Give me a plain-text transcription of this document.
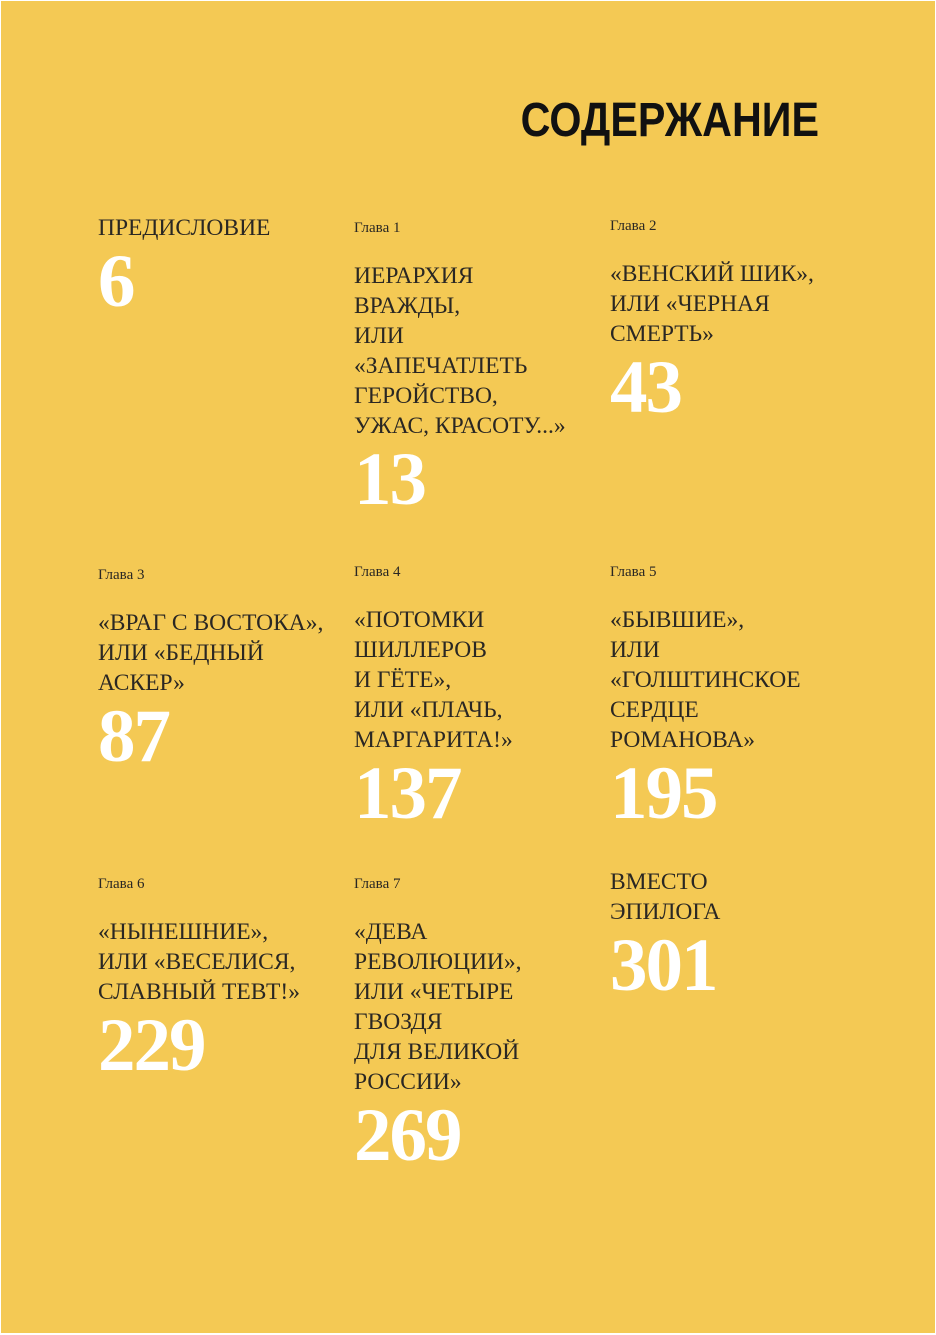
СОДЕРЖАНИЕ
ПРЕДИСЛОВИЕ
6
Глава 1
ИЕРАРХИЯ
ВРАЖДЫ,
ИЛИ
«ЗАПЕЧАТЛЕТЬ
ГЕРОЙСТВО,
УЖАС, КРАСОТУ...»
13
Глава 2
«ВЕНСКИЙ ШИК»,
ИЛИ «ЧЕРНАЯ
СМЕРТЬ»
43
Глава 3
«ВРАГ С ВОСТОКА»,
ИЛИ «БЕДНЫЙ
АСКЕР»
87
Глава 4
«ПОТОМКИ
ШИЛЛЕРОВ
И ГЁТЕ»,
ИЛИ «ПЛАЧЬ,
МАРГАРИТА!»
137
Глава 5
«БЫВШИЕ»,
ИЛИ
«ГОЛШТИНСКОЕ
СЕРДЦЕ
РОМАНОВА»
195
Глава 6
«НЫНЕШНИЕ»,
ИЛИ «ВЕСЕЛИСЯ,
СЛАВНЫЙ ТЕВТ!»
229
Глава 7
«ДЕВА
РЕВОЛЮЦИИ»,
ИЛИ «ЧЕТЫРЕ
ГВОЗДЯ
ДЛЯ ВЕЛИКОЙ
РОССИИ»
269
ВМЕСТО
ЭПИЛОГА
301
